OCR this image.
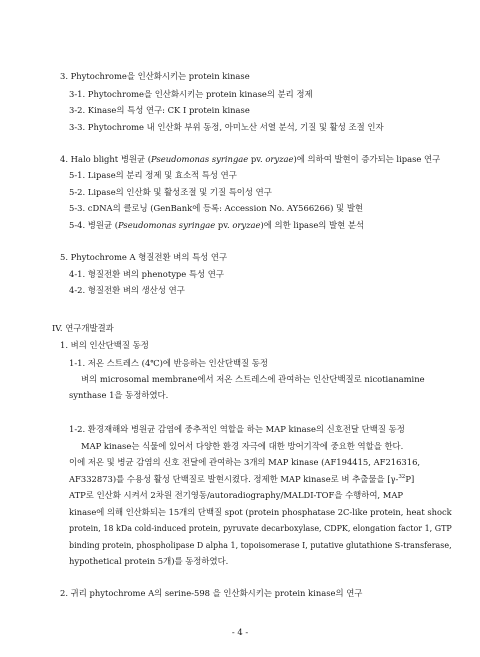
3. Phytochrome을 인산화시키는 protein kinase
3-1. Phytochrome을 인산화시키는 protein kinase의 분리 정제
3-2. Kinase의 특성 연구: CK I protein kinase
3-3. Phytochrome 내 인산화 부위 동정, 아미노산 서열 분석, 기질 및 활성 조절 인자
4. Halo blight 병원균 (Pseudomonas syringae pv. oryzae)에 의하여 발현이 증가되는 lipase 연구
5-1. Lipase의 분리 정제 및 효소적 특성 연구
5-2. Lipase의 인산화 및 활성조절 및 기질 특이성 연구
5-3. cDNA의 클로닝 (GenBank에 등록: Accession No. AY566266) 및 발현
5-4. 병원균 (Pseudomonas syringae pv. oryzae)에 의한 lipase의 발현 분석
5. Phytochrome A 형질전환 벼의 특성 연구
4-1. 형질전환 벼의 phenotype 특성 연구
4-2. 형질전환 벼의 생산성 연구
IV. 연구개발결과
1. 벼의 인산단백질 동정
1-1. 저온 스트레스 (4℃)에 반응하는 인산단백질 동정
벼의 microsomal membrane에서 저온 스트레스에 관여하는 인산단백질로 nicotianamine
synthase 1을 동정하였다.
1-2. 환경재해와 병원균 감염에 중추적인 역할을 하는 MAP kinase의 신호전달 단백질 동정
MAP kinase는 식물에 있어서 다양한 환경 자극에 대한 방어기작에 중요한 역할을 한다.
이에 저온 및 병균 감염의 신호 전달에 관여하는 3개의 MAP kinase (AF194415, AF216316,
AF332873)를 수용성 활성 단백질로 발현시켰다. 정제한 MAP kinase로 벼 추출물을 [γ-$^{32}$P]
ATP로 인산화 시켜서 2차원 전기영동/autoradiography/MALDI-TOF을 수행하여, MAP
kinase에 의해 인산화되는 15개의 단백질 spot (protein phosphatase 2C-like protein, heat shock
protein, 18 kDa cold-induced protein, pyruvate decarboxylase, CDPK, elongation factor 1, GTP
binding protein, phospholipase D alpha 1, topoisomerase I, putative glutathione S-transferase,
hypothetical protein 5개)를 동정하였다.
2. 귀리 phytochrome A의 serine-598 을 인산화시키는 protein kinase의 연구
- 4 -
